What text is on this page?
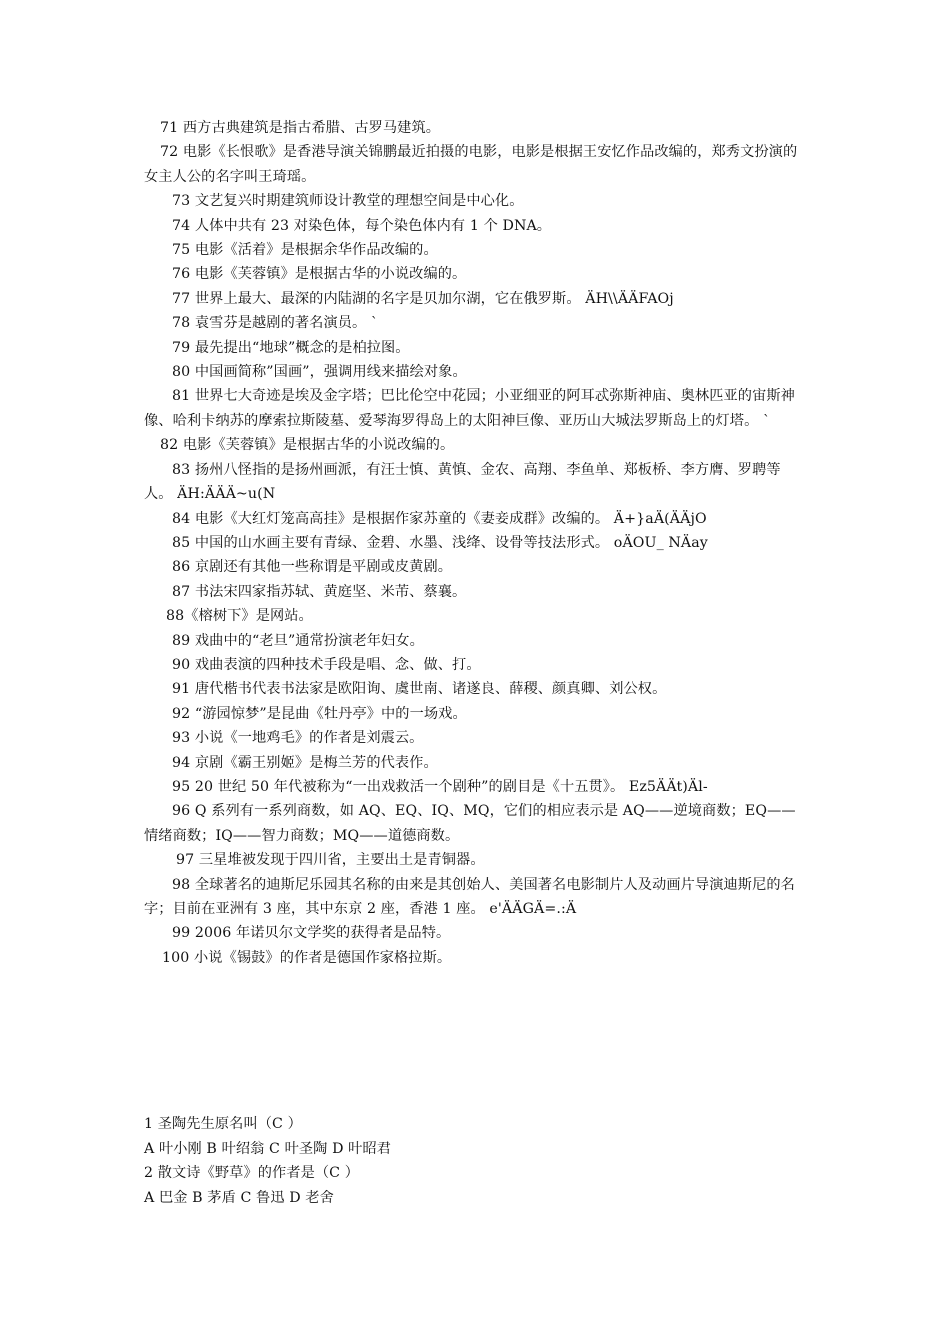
71 西方古典建筑是指古希腊、古罗马建筑。

72 电影《长恨歌》是香港导演关锦鹏最近拍摄的电影，电影是根据王安忆作品改编的，郑秀文扮演的女主人公的名字叫王琦瑶。

73 文艺复兴时期建筑师设计教堂的理想空间是中心化。

74 人体中共有 23 对染色体，每个染色体内有 1 个 DNA。

75 电影《活着》是根据余华作品改编的。

76 电影《芙蓉镇》是根据古华的小说改编的。

77 世界上最大、最深的内陆湖的名字是贝加尔湖，它在俄罗斯。 ÄH\\ÄÄFAOj

78 袁雪芬是越剧的著名演员。 `

79 最先提出“地球”概念的是柏拉图。

80 中国画简称”国画”，强调用线来描绘对象。

81 世界七大奇迹是埃及金字塔；巴比伦空中花园；小亚细亚的阿耳忒弥斯神庙、奥林匹亚的宙斯神像、哈利卡纳苏的摩索拉斯陵墓、爱琴海罗得岛上的太阳神巨像、亚历山大城法罗斯岛上的灯塔。 `

82 电影《芙蓉镇》是根据古华的小说改编的。

83 扬州八怪指的是扬州画派，有汪士慎、黄慎、金农、高翔、李鱼单、郑板桥、李方膺、罗聘等人。 ÄH:ÄÄÄ~u(N

84 电影《大红灯笼高高挂》是根据作家苏童的《妻妾成群》改编的。 Ä+}aÄ(ÄÄjO

85 中国的山水画主要有青绿、金碧、水墨、浅绛、设骨等技法形式。 oÄOU_ NÄay

86 京剧还有其他一些称谓是平剧或皮黄剧。

87 书法宋四家指苏轼、黄庭坚、米芾、蔡襄。

88《榕树下》是网站。

89 戏曲中的“老旦”通常扮演老年妇女。

90 戏曲表演的四种技术手段是唱、念、做、打。

91 唐代楷书代表书法家是欧阳询、虞世南、诸遂良、薛稷、颜真卿、刘公权。

92 “游园惊梦”是昆曲《牡丹亭》中的一场戏。

93 小说《一地鸡毛》的作者是刘震云。

94 京剧《霸王别姬》是梅兰芳的代表作。

95 20 世纪 50 年代被称为“一出戏救活一个剧种”的剧目是《十五贯》。 Ez5ÄÄt)Äl-

96 Q 系列有一系列商数，如 AQ、EQ、IQ、MQ，它们的相应表示是 AQ——逆境商数；EQ——情绪商数；IQ——智力商数；MQ——道德商数。

97 三星堆被发现于四川省，主要出土是青铜器。

98 全球著名的迪斯尼乐园其名称的由来是其创始人、美国著名电影制片人及动画片导演迪斯尼的名字；目前在亚洲有 3 座，其中东京 2 座，香港 1 座。 e'ÄÄGÄ=.:Ä

99 2006 年诺贝尔文学奖的获得者是品特。

100 小说《锡鼓》的作者是德国作家格拉斯。

1 圣陶先生原名叫（C ）

A 叶小刚 B 叶绍翁 C 叶圣陶 D 叶昭君

2 散文诗《野草》的作者是（C ）

A 巴金 B 茅盾 C 鲁迅 D 老舍
